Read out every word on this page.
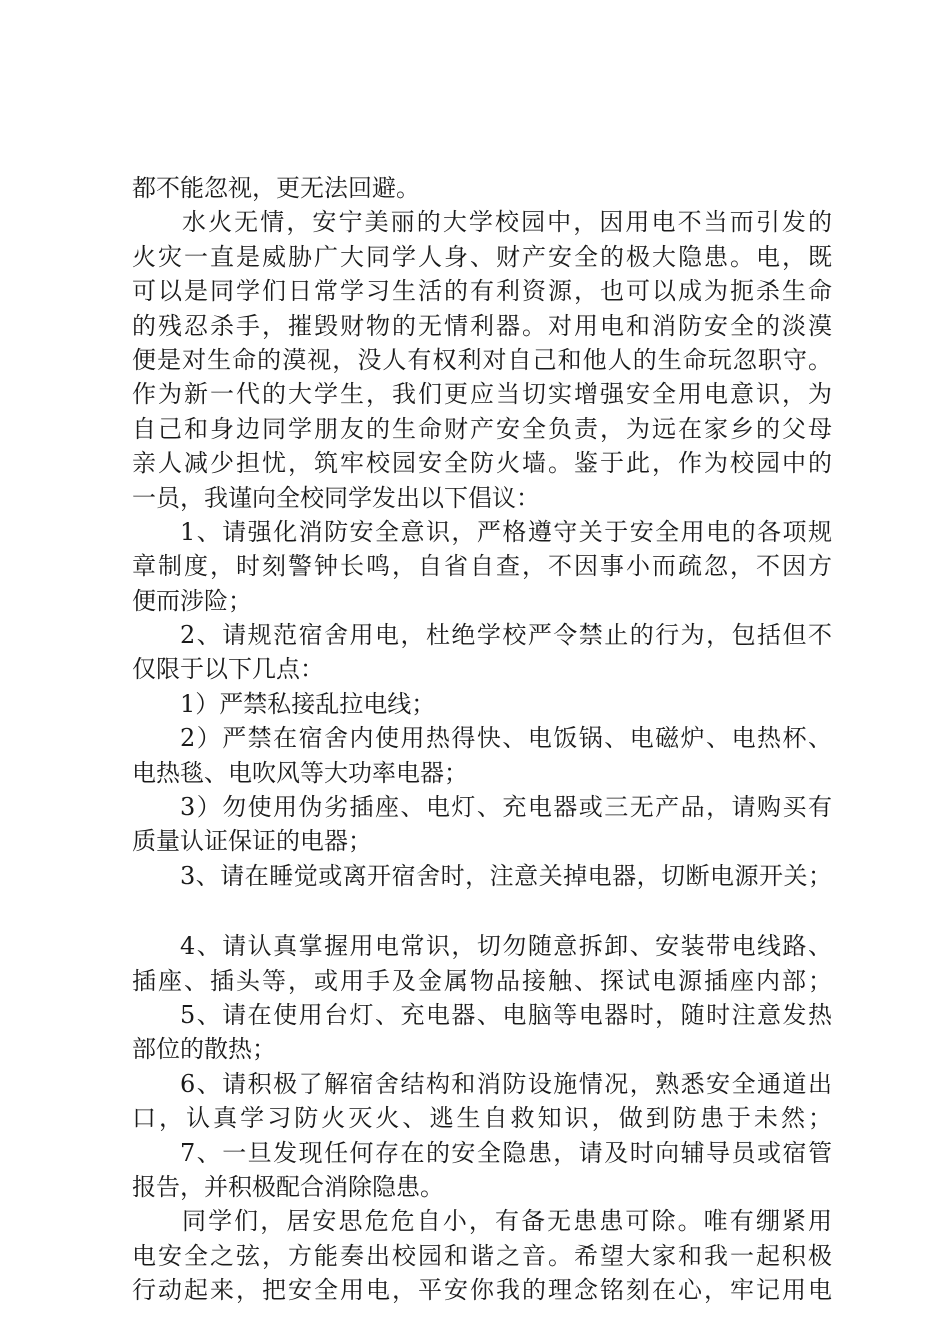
都不能忽视，更无法回避。
水火无情，安宁美丽的大学校园中，因用电不当而引发的
火灾一直是威胁广大同学人身、财产安全的极大隐患。电，既
可以是同学们日常学习生活的有利资源，也可以成为扼杀生命
的残忍杀手，摧毁财物的无情利器。对用电和消防安全的淡漠
便是对生命的漠视，没人有权利对自己和他人的生命玩忽职守。
作为新一代的大学生，我们更应当切实增强安全用电意识，为
自己和身边同学朋友的生命财产安全负责，为远在家乡的父母
亲人减少担忧，筑牢校园安全防火墙。鉴于此，作为校园中的
一员，我谨向全校同学发出以下倡议：
1、请强化消防安全意识，严格遵守关于安全用电的各项规
章制度，时刻警钟长鸣，自省自查，不因事小而疏忽，不因方
便而涉险；
2、请规范宿舍用电，杜绝学校严令禁止的行为，包括但不
仅限于以下几点：
1）严禁私接乱拉电线；
2）严禁在宿舍内使用热得快、电饭锅、电磁炉、电热杯、
电热毯、电吹风等大功率电器；
3）勿使用伪劣插座、电灯、充电器或三无产品，请购买有
质量认证保证的电器；
3、请在睡觉或离开宿舍时，注意关掉电器，切断电源开关；
4、请认真掌握用电常识，切勿随意拆卸、安装带电线路、
插座、插头等，或用手及金属物品接触、探试电源插座内部；
5、请在使用台灯、充电器、电脑等电器时，随时注意发热
部位的散热；
6、请积极了解宿舍结构和消防设施情况，熟悉安全通道出
口，认真学习防火灭火、逃生自救知识，做到防患于未然；
7、一旦发现任何存在的安全隐患，请及时向辅导员或宿管
报告，并积极配合消除隐患。
同学们，居安思危危自小，有备无患患可除。唯有绷紧用
电安全之弦，方能奏出校园和谐之音。希望大家和我一起积极
行动起来，把安全用电，平安你我的理念铭刻在心，牢记用电
